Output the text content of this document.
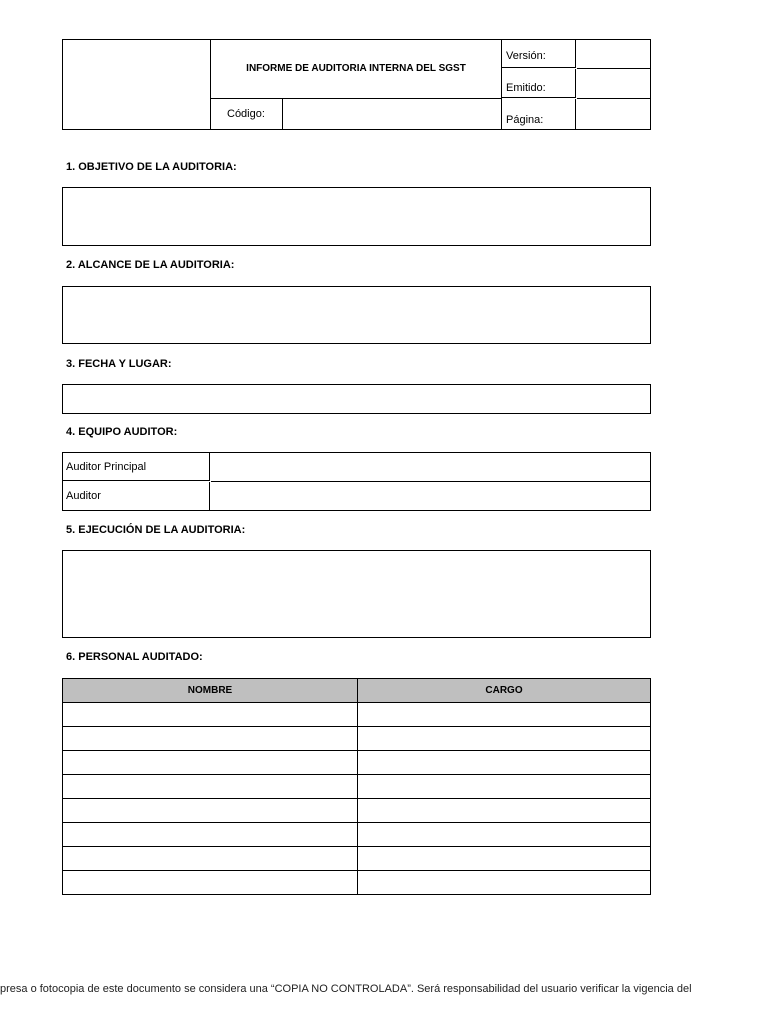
INFORME DE AUDITORIA INTERNA DEL SGST
Código:
Versión:
Emitido:
Página:
1. OBJETIVO DE LA AUDITORIA:
2. ALCANCE DE LA AUDITORIA:
3. FECHA Y LUGAR:
4. EQUIPO AUDITOR:
Auditor Principal
Auditor
5. EJECUCIÓN DE LA AUDITORIA:
6. PERSONAL AUDITADO:
NOMBRE	CARGO

presa o fotocopia de este documento se considera una “COPIA NO CONTROLADA”. Será responsabilidad del usuario verificar la vigencia del
